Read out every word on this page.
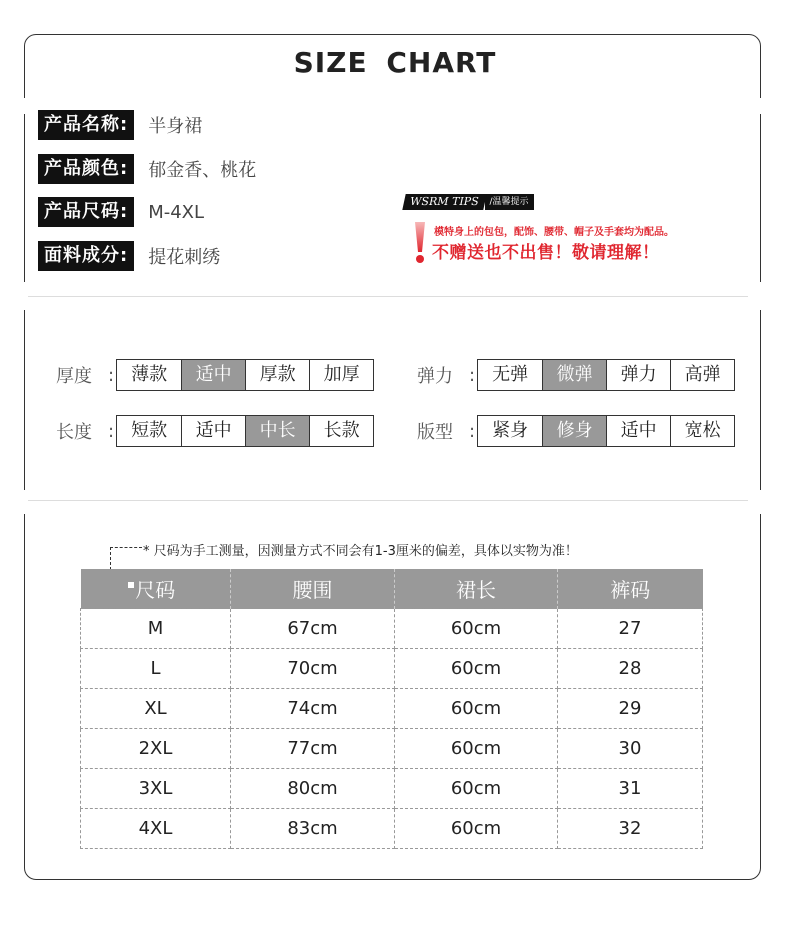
SIZE CHART
产品名称:	半身裙
产品颜色:	郁金香、桃花
产品尺码:	M-4XL
面料成分:	提花刺绣
WSRM TIPS	/温馨提示
模特身上的包包，配饰、腰带、帽子及手套均为配品。
不赠送也不出售！敬请理解！
厚度 : 薄款	适中	厚款	加厚	弹力 : 无弹	微弹	弹力	高弹
长度 : 短款	适中	中长	长款	版型 : 紧身	修身	适中	宽松
* 尺码为手工测量，因测量方式不同会有1-3厘米的偏差，具体以实物为准！
尺码	腰围	裙长	裤码
M	67cm	60cm	27
L	70cm	60cm	28
XL	74cm	60cm	29
2XL	77cm	60cm	30
3XL	80cm	60cm	31
4XL	83cm	60cm	32
